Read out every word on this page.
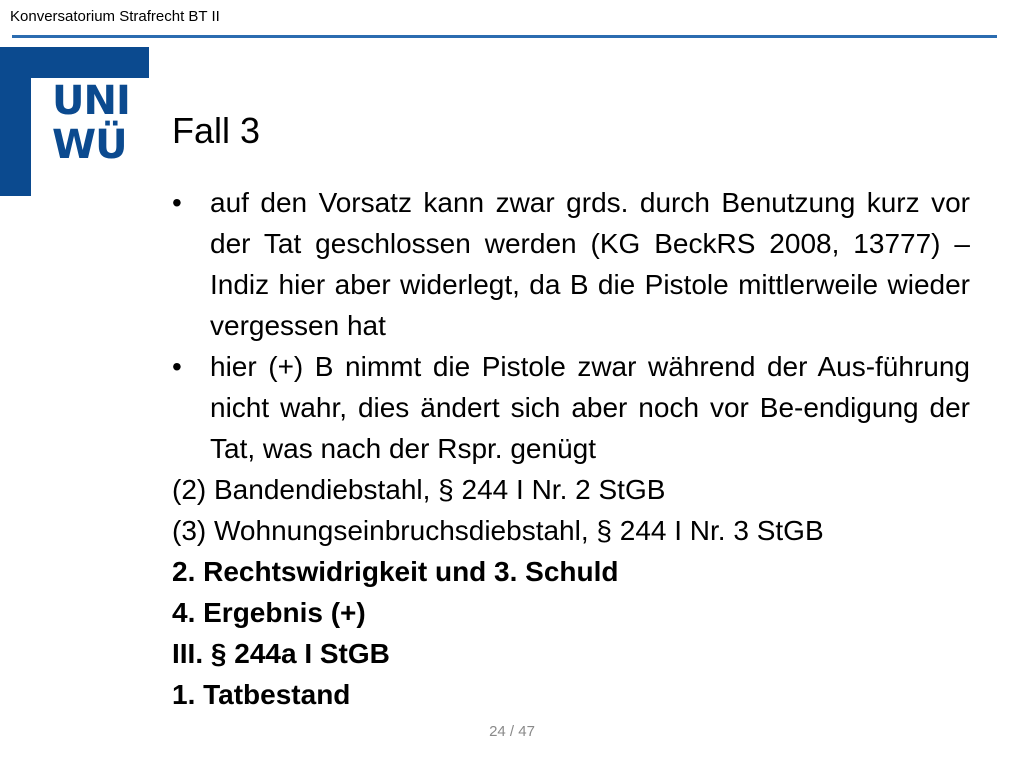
Konversatorium Strafrecht BT II
UNI
WÜ Fall 3
• auf den Vorsatz kann zwar grds. durch Benutzung kurz vor der Tat geschlossen werden (KG BeckRS 2008, 13777) – Indiz hier aber widerlegt, da B die Pistole mittlerweile wieder vergessen hat
• hier (+) B nimmt die Pistole zwar während der Aus-führung nicht wahr, dies ändert sich aber noch vor Be-endigung der Tat, was nach der Rspr. genügt
(2) Bandendiebstahl, § 244 I Nr. 2 StGB
(3) Wohnungseinbruchsdiebstahl, § 244 I Nr. 3 StGB
2. Rechtswidrigkeit und 3. Schuld
4. Ergebnis (+)
III. § 244a I StGB
1. Tatbestand
24 / 47
